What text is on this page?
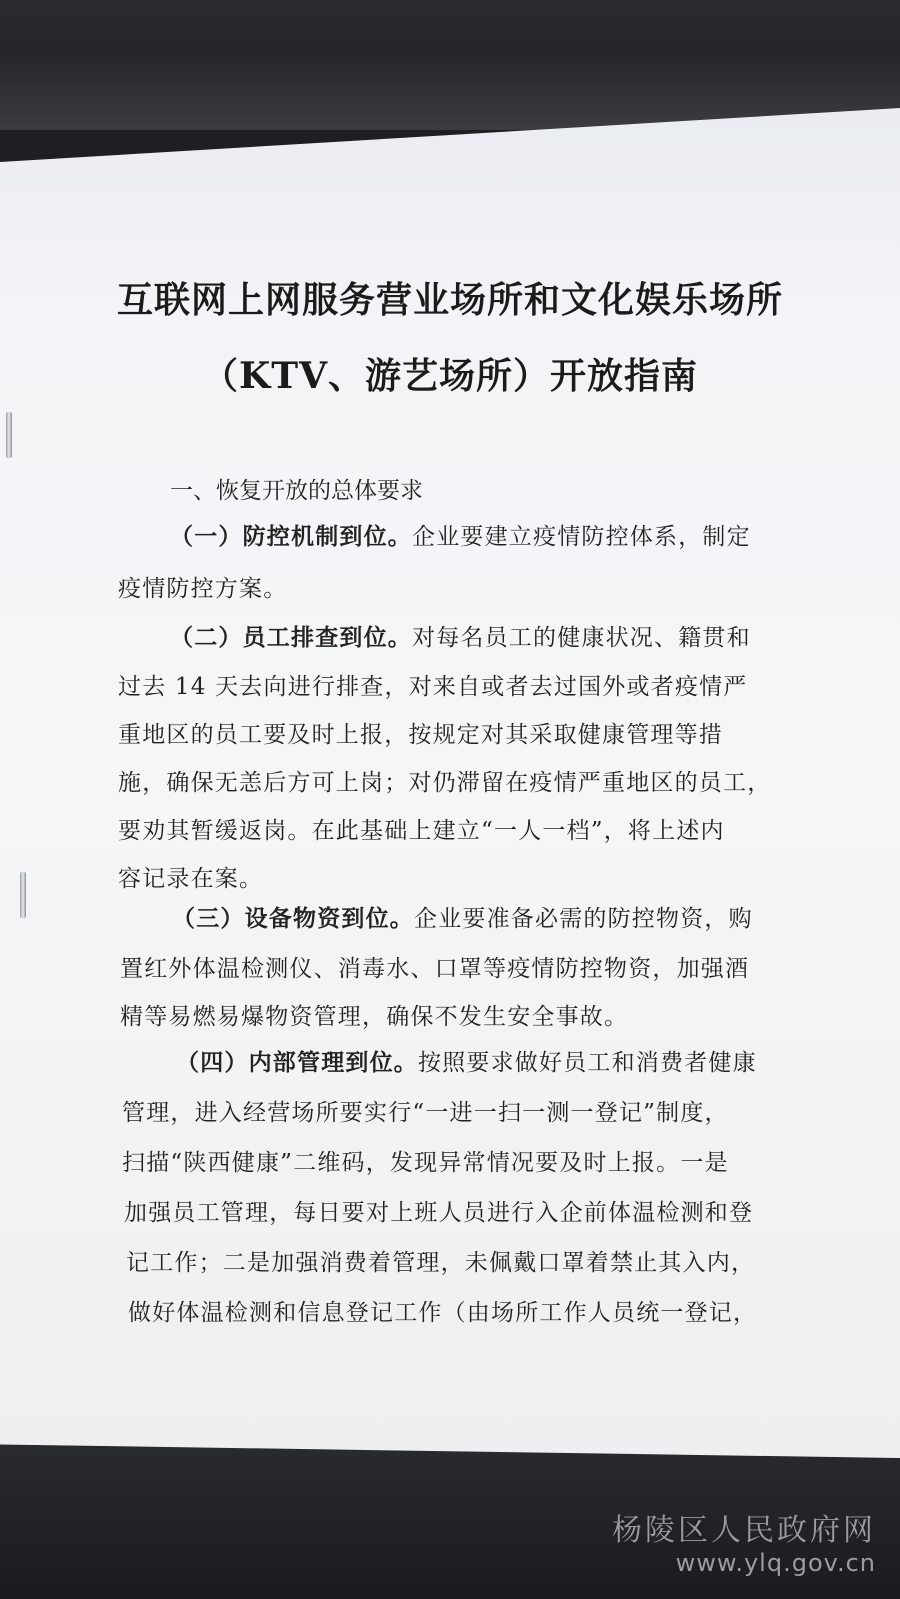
互联网上网服务营业场所和文化娱乐场所
（KTV、游艺场所）开放指南
一、恢复开放的总体要求
（一）防控机制到位。企业要建立疫情防控体系，制定
疫情防控方案。
（二）员工排查到位。对每名员工的健康状况、籍贯和
过去 14 天去向进行排查，对来自或者去过国外或者疫情严
重地区的员工要及时上报，按规定对其采取健康管理等措
施，确保无恙后方可上岗；对仍滞留在疫情严重地区的员工，
要劝其暂缓返岗。在此基础上建立“一人一档”，将上述内
容记录在案。
（三）设备物资到位。企业要准备必需的防控物资，购
置红外体温检测仪、消毒水、口罩等疫情防控物资，加强酒
精等易燃易爆物资管理，确保不发生安全事故。
（四）内部管理到位。按照要求做好员工和消费者健康
管理，进入经营场所要实行“一进一扫一测一登记”制度，
扫描“陕西健康”二维码，发现异常情况要及时上报。一是
加强员工管理，每日要对上班人员进行入企前体温检测和登
记工作；二是加强消费着管理，未佩戴口罩着禁止其入内，
做好体温检测和信息登记工作（由场所工作人员统一登记，
杨陵区人民政府网
www.ylq.gov.cn
